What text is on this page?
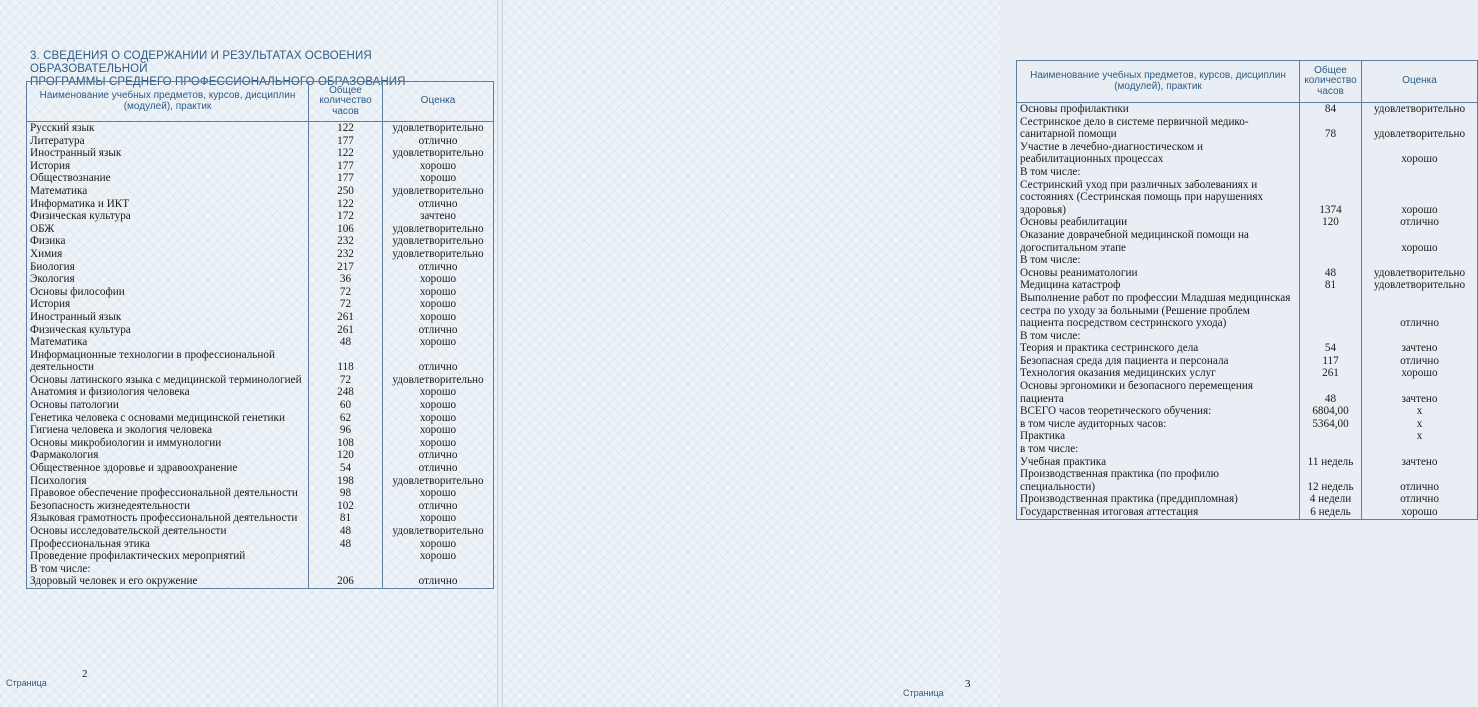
3. СВЕДЕНИЯ О СОДЕРЖАНИИ И РЕЗУЛЬТАТАХ ОСВОЕНИЯ ОБРАЗОВАТЕЛЬНОЙ
ПРОГРАММЫ СРЕДНЕГО ПРОФЕССИОНАЛЬНОГО ОБРАЗОВАНИЯ
Наименование учебных предметов, курсов, дисциплин (модулей), практик	Общее количество часов	Оценка
Русский язык	122	удовлетворительно
Литература	177	отлично
Иностранный язык	122	удовлетворительно
История	177	хорошо
Обществознание	177	хорошо
Математика	250	удовлетворительно
Информатика и ИКТ	122	отлично
Физическая культура	172	зачтено
ОБЖ	106	удовлетворительно
Физика	232	удовлетворительно
Химия	232	удовлетворительно
Биология	217	отлично
Экология	36	хорошо
Основы философии	72	хорошо
История	72	хорошо
Иностранный язык	261	хорошо
Физическая культура	261	отлично
Математика	48	хорошо
Информационные технологии в профессиональной деятельности	118	отлично
Основы латинского языка с медицинской терминологией	72	удовлетворительно
Анатомия и физиология человека	248	хорошо
Основы патологии	60	хорошо
Генетика человека с основами медицинской генетики	62	хорошо
Гигиена человека и экология человека	96	хорошо
Основы микробиологии и иммунологии	108	хорошо
Фармакология	120	отлично
Общественное здоровье и здравоохранение	54	отлично
Психология	198	удовлетворительно
Правовое обеспечение профессиональной деятельности	98	хорошо
Безопасность жизнедеятельности	102	отлично
Языковая грамотность профессиональной деятельности	81	хорошо
Основы исследовательской деятельности	48	удовлетворительно
Профессиональная этика	48	хорошо
Проведение профилактических мероприятий		хорошо
В том числе:		
Здоровый человек и его окружение	206	отлично
Страница
2
Наименование учебных предметов, курсов, дисциплин (модулей), практик	Общее количество часов	Оценка
Основы профилактики	84	удовлетворительно
Сестринское дело в системе первичной медико-санитарной помощи	78	удовлетворительно
Участие в лечебно-диагностическом и реабилитационных процессах		хорошо
В том числе:		
Сестринский уход при различных заболеваниях и состояниях (Сестринская помощь при нарушениях здоровья)	1374	хорошо
Основы реабилитации	120	отлично
Оказание доврачебной медицинской помощи на догоспитальном этапе		хорошо
В том числе:		
Основы реаниматологии	48	удовлетворительно
Медицина катастроф	81	удовлетворительно
Выполнение работ по профессии Младшая медицинская сестра по уходу за больными (Решение проблем пациента посредством сестринского ухода)		отлично
В том числе:		
Теория и практика сестринского дела	54	зачтено
Безопасная среда для пациента и персонала	117	отлично
Технология оказания медицинских услуг	261	хорошо
Основы эргономики и безопасного перемещения пациента	48	зачтено
ВСЕГО часов теоретического обучения:	6804,00	x
в том числе аудиторных часов:	5364,00	x
Практика		x
в том числе:		
Учебная практика	11 недель	зачтено
Производственная практика (по профилю специальности)	12 недель	отлично
Производственная практика (преддипломная)	4 недели	отлично
Государственная итоговая аттестация	6 недель	хорошо
Страница
3
